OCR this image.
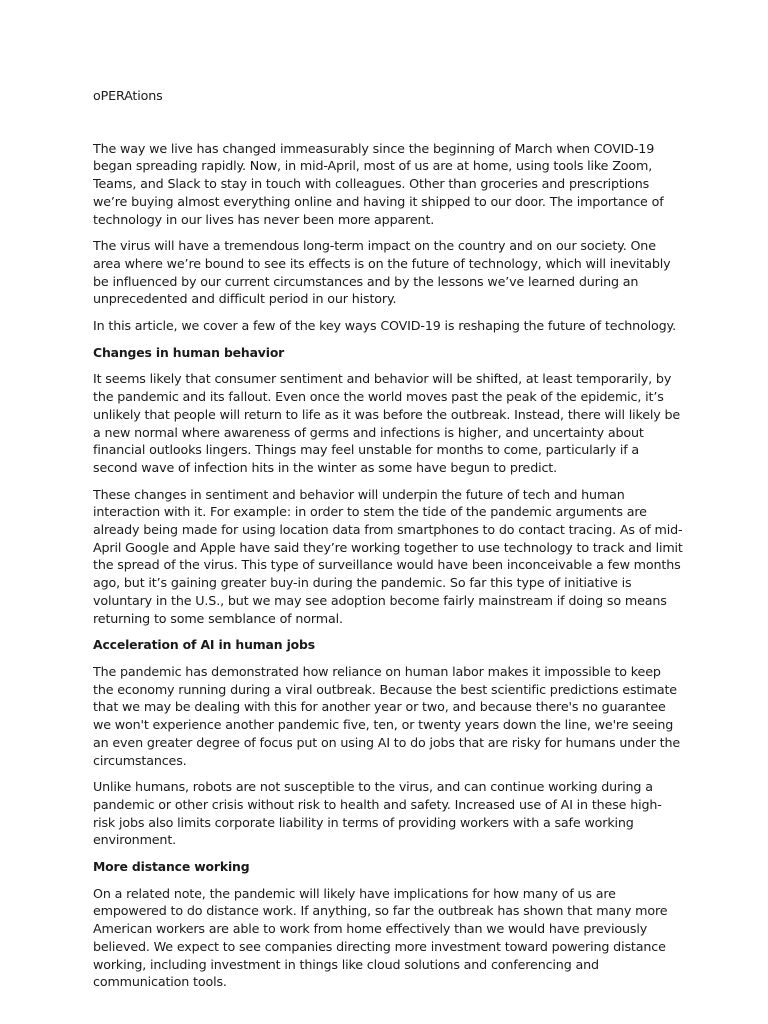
oPERAtions

The way we live has changed immeasurably since the beginning of March when COVID-19 began spreading rapidly. Now, in mid-April, most of us are at home, using tools like Zoom, Teams, and Slack to stay in touch with colleagues. Other than groceries and prescriptions we’re buying almost everything online and having it shipped to our door. The importance of technology in our lives has never been more apparent.

The virus will have a tremendous long-term impact on the country and on our society. One area where we’re bound to see its effects is on the future of technology, which will inevitably be influenced by our current circumstances and by the lessons we’ve learned during an unprecedented and difficult period in our history.

In this article, we cover a few of the key ways COVID-19 is reshaping the future of technology.

Changes in human behavior

It seems likely that consumer sentiment and behavior will be shifted, at least temporarily, by the pandemic and its fallout. Even once the world moves past the peak of the epidemic, it’s unlikely that people will return to life as it was before the outbreak. Instead, there will likely be a new normal where awareness of germs and infections is higher, and uncertainty about financial outlooks lingers. Things may feel unstable for months to come, particularly if a second wave of infection hits in the winter as some have begun to predict.

These changes in sentiment and behavior will underpin the future of tech and human interaction with it. For example: in order to stem the tide of the pandemic arguments are already being made for using location data from smartphones to do contact tracing. As of mid-April Google and Apple have said they’re working together to use technology to track and limit the spread of the virus. This type of surveillance would have been inconceivable a few months ago, but it’s gaining greater buy-in during the pandemic. So far this type of initiative is voluntary in the U.S., but we may see adoption become fairly mainstream if doing so means returning to some semblance of normal.

Acceleration of AI in human jobs

The pandemic has demonstrated how reliance on human labor makes it impossible to keep the economy running during a viral outbreak. Because the best scientific predictions estimate that we may be dealing with this for another year or two, and because there's no guarantee we won't experience another pandemic five, ten, or twenty years down the line, we're seeing an even greater degree of focus put on using AI to do jobs that are risky for humans under the circumstances.

Unlike humans, robots are not susceptible to the virus, and can continue working during a pandemic or other crisis without risk to health and safety. Increased use of AI in these high-risk jobs also limits corporate liability in terms of providing workers with a safe working environment.

More distance working

On a related note, the pandemic will likely have implications for how many of us are empowered to do distance work. If anything, so far the outbreak has shown that many more American workers are able to work from home effectively than we would have previously believed. We expect to see companies directing more investment toward powering distance working, including investment in things like cloud solutions and conferencing and communication tools.
